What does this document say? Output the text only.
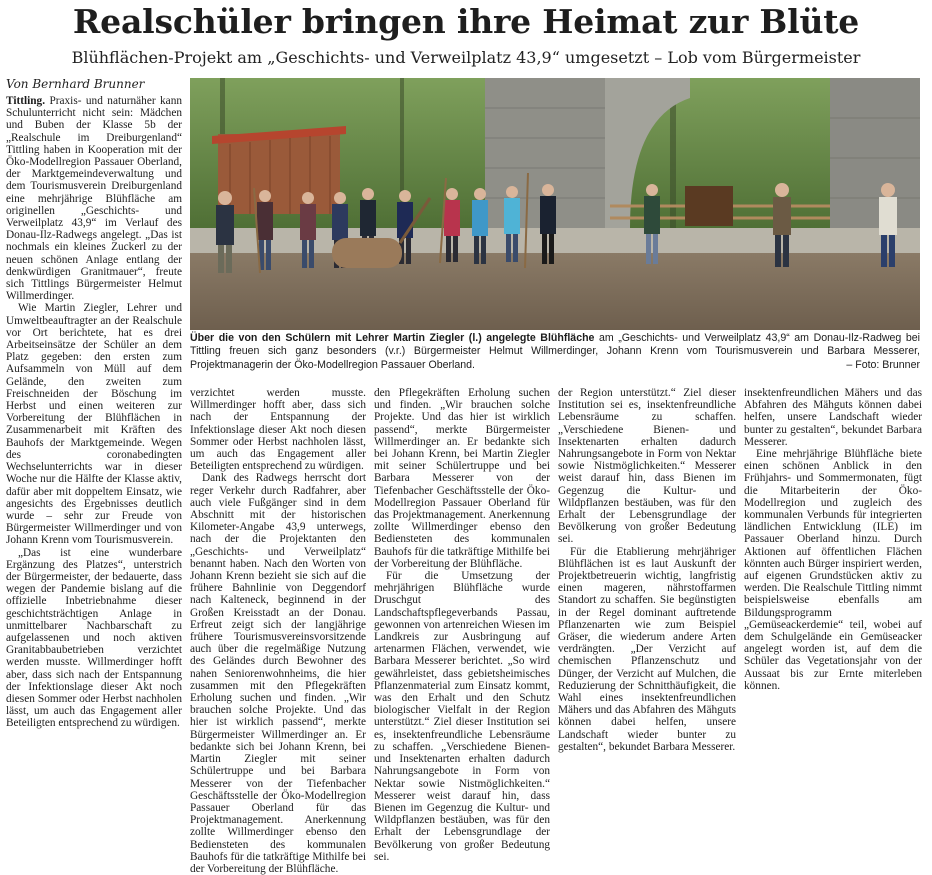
Realschüler bringen ihre Heimat zur Blüte
Blühflächen-Projekt am „Geschichts- und Verweilplatz 43,9“ umgesetzt – Lob vom Bürgermeister
Von Bernhard Brunner

Tittling. Praxis- und naturnäher kann Schulunterricht nicht sein: Mädchen und Buben der Klasse 5b der „Realschule im Dreiburgenland“ Tittling haben in Kooperation mit der Öko-Modellregion Passauer Oberland, der Marktgemeindeverwaltung und dem Tourismusverein Dreiburgenland eine mehrjährige Blühfläche am originellen „Geschichts- und Verweilplatz 43,9“ im Verlauf des Donau-Ilz-Radwegs angelegt. „Das ist nochmals ein kleines Zuckerl zu der neuen schönen Anlage entlang der denkwürdigen Granitmauer“, freute sich Tittlings Bürgermeister Helmut Willmerdinger.

Wie Martin Ziegler, Lehrer und Umweltbeauftragter an der Realschule vor Ort berichtete, hat es drei Arbeitseinsätze der Schüler an dem Platz gegeben: den ersten zum Aufsammeln von Müll auf dem Gelände, den zweiten zum Freischneiden der Böschung im Herbst und einen weiteren zur Vorbereitung der Blühflächen in Zusammenarbeit mit Kräften des Bauhofs der Marktgemeinde. Wegen des coronabedingten Wechselunterrichts war in dieser Woche nur die Hälfte der Klasse aktiv, dafür aber mit doppeltem Einsatz, wie angesichts des Ergebnisses deutlich wurde – sehr zur Freude von Bürgermeister Willmerdinger und von Johann Krenn vom Tourismusverein.

„Das ist eine wunderbare Ergänzung des Platzes“, unterstrich der Bürgermeister, der bedauerte, dass wegen der Pandemie bislang auf die offizielle Inbetriebnahme dieser geschichtsträchtigen Anlage in unmittelbarer Nachbarschaft zu aufgelassenen und noch aktiven Granitabbaubetrieben verzichtet werden musste. Willmerdinger hofft aber, dass sich nach der Entspannung der Infektionslage dieser Akt noch diesen Sommer oder Herbst nachholen lässt, um auch das Engagement aller Beteiligten entsprechend zu würdigen.

Über die von den Schülern mit Lehrer Martin Ziegler (l.) angelegte Blühfläche am „Geschichts- und Verweilplatz 43,9“ am Donau-Ilz-Radweg bei Tittling freuen sich ganz besonders (v.r.) Bürgermeister Helmut Willmerdinger, Johann Krenn vom Tourismusverein und Barbara Messerer, Projektmanagerin der Öko-Modellregion Passauer Oberland.	– Foto: Brunner

verzichtet werden musste. Willmerdinger hofft aber, dass sich nach der Entspannung der Infektionslage dieser Akt noch diesen Sommer oder Herbst nachholen lässt, um auch das Engagement aller Beteiligten entsprechend zu würdigen.

Dank des Radwegs herrscht dort reger Verkehr durch Radfahrer, aber auch viele Fußgänger sind in dem Abschnitt mit der historischen Kilometer-Angabe 43,9 unterwegs, nach der die Projektanten den „Geschichts- und Verweilplatz“ benannt haben. Nach den Worten von Johann Krenn bezieht sie sich auf die frühere Bahnlinie von Deggendorf nach Kalteneck, beginnend in der Großen Kreisstadt an der Donau. Erfreut zeigt sich der langjährige frühere Tourismusvereinsvorsitzende auch über die regelmäßige Nutzung des Geländes durch Bewohner des nahen Seniorenwohnheims, die hier zusammen mit den Pflegekräften Erholung suchen und finden. „Wir brauchen solche Projekte. Und das hier ist wirklich passend“, merkte Bürgermeister Willmerdinger an. Er bedankte sich bei Johann Krenn, bei Martin Ziegler mit seiner Schülertruppe und bei Barbara Messerer von der Tiefenbacher Geschäftsstelle der Öko-Modellregion Passauer Oberland für das Projektmanagement. Anerkennung zollte Willmerdinger ebenso den Bediensteten des kommunalen Bauhofs für die tatkräftige Mithilfe bei der Vorbereitung der Blühfläche.

den Pflegekräften Erholung suchen und finden. „Wir brauchen solche Projekte. Und das hier ist wirklich passend“, merkte Bürgermeister Willmerdinger an. Er bedankte sich bei Johann Krenn, bei Martin Ziegler mit seiner Schülertruppe und bei Barbara Messerer von der Tiefenbacher Geschäftsstelle der Öko-Modellregion Passauer Oberland für das Projektmanagement. Anerkennung zollte Willmerdinger ebenso den Bediensteten des kommunalen Bauhofs für die tatkräftige Mithilfe bei der Vorbereitung der Blühfläche.

Für die Umsetzung der mehrjährigen Blühfläche wurde Druschgut des Landschaftspflegeverbands Passau, gewonnen von artenreichen Wiesen im Landkreis zur Ausbringung auf artenarmen Flächen, verwendet, wie Barbara Messerer berichtet. „So wird gewährleistet, dass gebietsheimisches Pflanzenmaterial zum Einsatz kommt, was den Erhalt und den Schutz biologischer Vielfalt in der Region unterstützt.“ Ziel dieser Institution sei es, insektenfreundliche Lebensräume zu schaffen. „Verschiedene Bienen- und Insektenarten erhalten dadurch Nahrungsangebote in Form von Nektar sowie Nistmöglichkeiten.“ Messerer weist darauf hin, dass Bienen im Gegenzug die Kultur- und Wildpflanzen bestäuben, was für den Erhalt der Lebensgrundlage der Bevölkerung von großer Bedeutung sei.

der Region unterstützt.“ Ziel dieser Institution sei es, insektenfreundliche Lebensräume zu schaffen. „Verschiedene Bienen- und Insektenarten erhalten dadurch Nahrungsangebote in Form von Nektar sowie Nistmöglichkeiten.“ Messerer weist darauf hin, dass Bienen im Gegenzug die Kultur- und Wildpflanzen bestäuben, was für den Erhalt der Lebensgrundlage der Bevölkerung von großer Bedeutung sei.

Für die Etablierung mehrjähriger Blühflächen ist es laut Auskunft der Projektbetreuerin wichtig, langfristig einen mageren, nährstoffarmen Standort zu schaffen. Sie begünstigten in der Regel dominant auftretende Pflanzenarten wie zum Beispiel Gräser, die wiederum andere Arten verdrängten. „Der Verzicht auf chemischen Pflanzenschutz und Dünger, der Verzicht auf Mulchen, die Reduzierung der Schnitthäufigkeit, die Wahl eines insektenfreundlichen Mähers und das Abfahren des Mähguts können dabei helfen, unsere Landschaft wieder bunter zu gestalten“, bekundet Barbara Messerer.

insektenfreundlichen Mähers und das Abfahren des Mähguts können dabei helfen, unsere Landschaft wieder bunter zu gestalten“, bekundet Barbara Messerer.

Eine mehrjährige Blühfläche biete einen schönen Anblick in den Frühjahrs- und Sommermonaten, fügt die Mitarbeiterin der Öko-Modellregion und zugleich des kommunalen Verbunds für integrierten ländlichen Entwicklung (ILE) im Passauer Oberland hinzu. Durch Aktionen auf öffentlichen Flächen könnten auch Bürger inspiriert werden, auf eigenen Grundstücken aktiv zu werden. Die Realschule Tittling nimmt beispielsweise ebenfalls am Bildungsprogramm „Gemüseackerdemie“ teil, wobei auf dem Schulgelände ein Gemüseacker angelegt worden ist, auf dem die Schüler das Vegetationsjahr von der Aussaat bis zur Ernte miterleben können.
